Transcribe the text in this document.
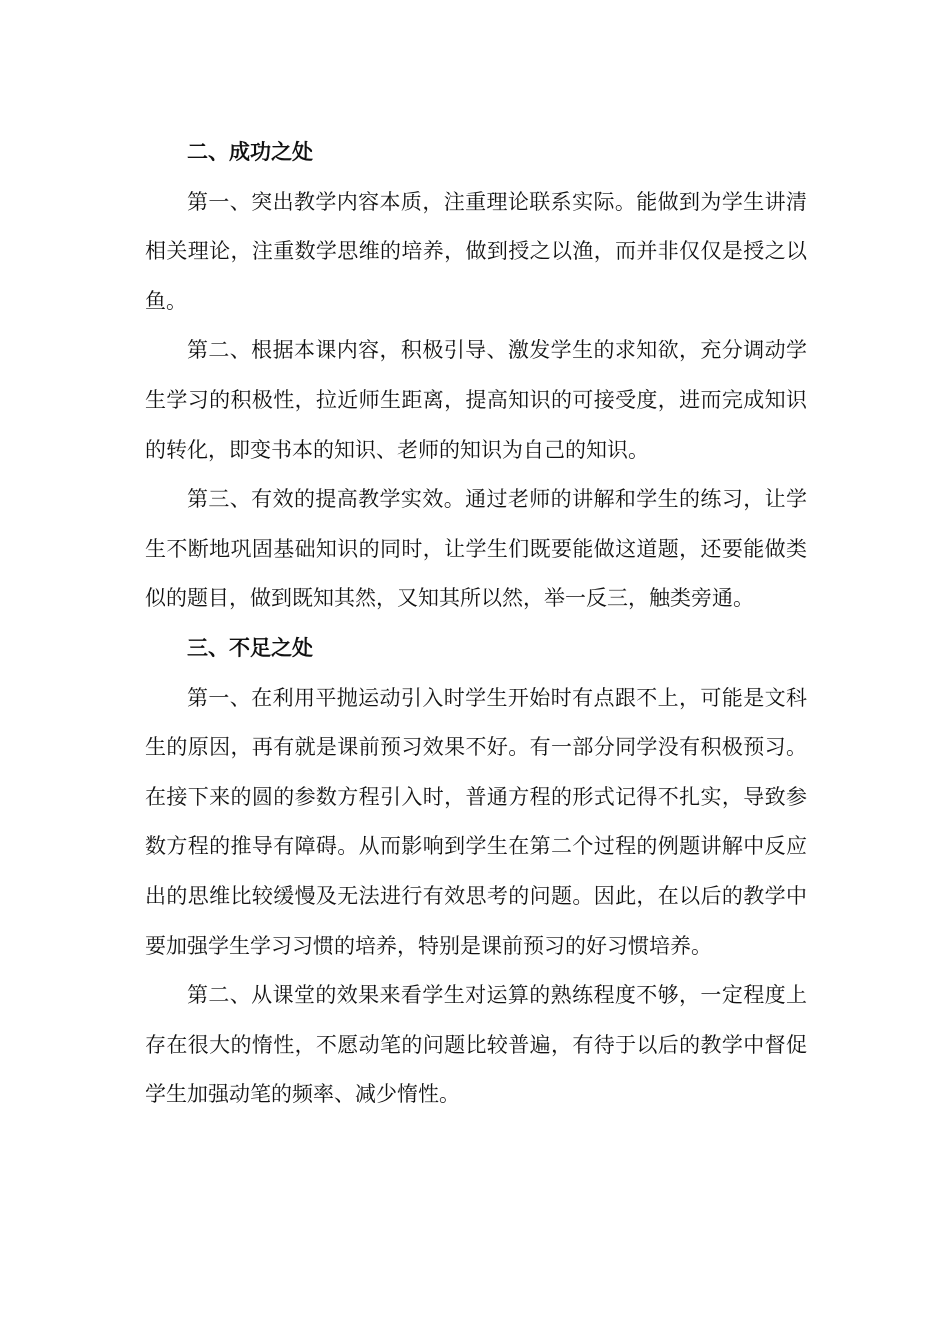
二、成功之处

第一、突出教学内容本质，注重理论联系实际。能做到为学生讲清相关理论，注重数学思维的培养，做到授之以渔，而并非仅仅是授之以鱼。

第二、根据本课内容，积极引导、激发学生的求知欲，充分调动学生学习的积极性，拉近师生距离，提高知识的可接受度，进而完成知识的转化，即变书本的知识、老师的知识为自己的知识。

第三、有效的提高教学实效。通过老师的讲解和学生的练习，让学生不断地巩固基础知识的同时，让学生们既要能做这道题，还要能做类似的题目，做到既知其然，又知其所以然，举一反三，触类旁通。

三、不足之处

第一、在利用平抛运动引入时学生开始时有点跟不上，可能是文科生的原因，再有就是课前预习效果不好。有一部分同学没有积极预习。在接下来的圆的参数方程引入时，普通方程的形式记得不扎实，导致参数方程的推导有障碍。从而影响到学生在第二个过程的例题讲解中反应出的思维比较缓慢及无法进行有效思考的问题。因此，在以后的教学中要加强学生学习习惯的培养，特别是课前预习的好习惯培养。

第二、从课堂的效果来看学生对运算的熟练程度不够，一定程度上存在很大的惰性，不愿动笔的问题比较普遍，有待于以后的教学中督促学生加强动笔的频率、减少惰性。
